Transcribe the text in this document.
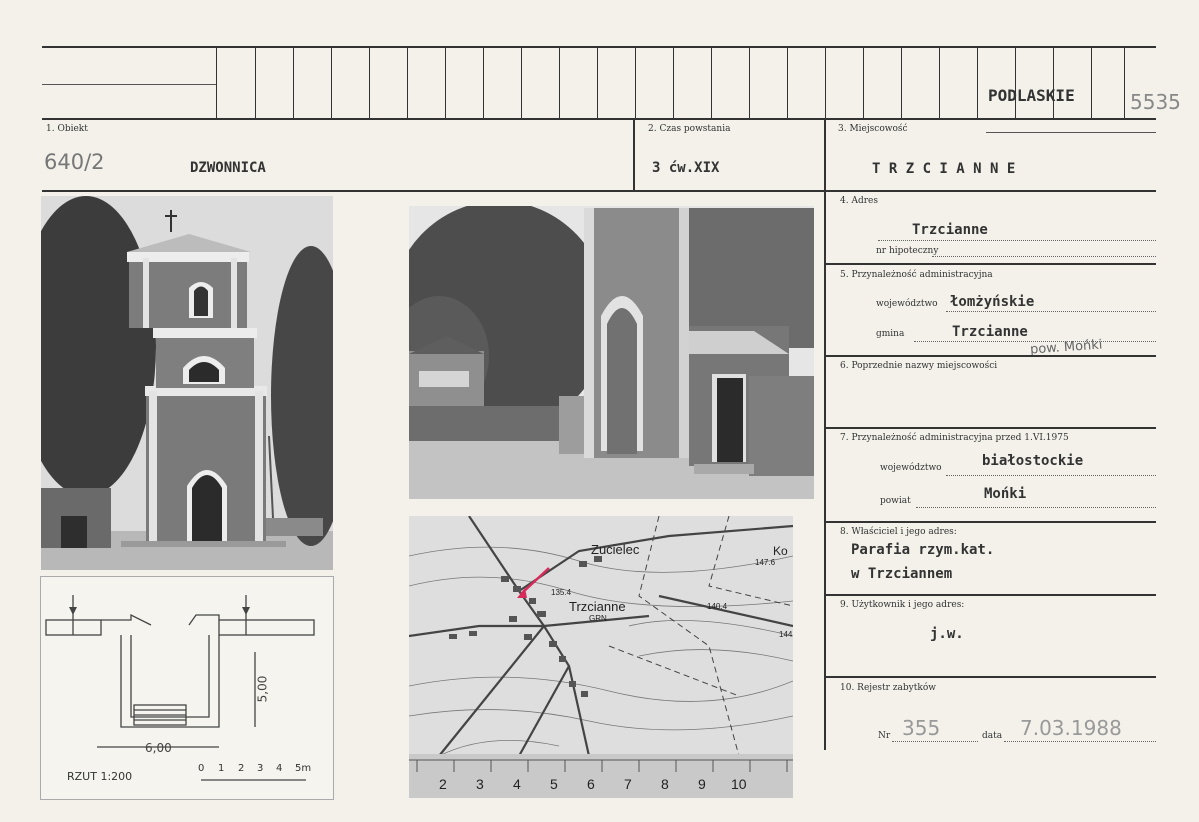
PODLASKIE	5535
1. Obiekt
640/2	DZWONNICA
2. Czas powstania
3 ćw.XIX
3. Miejscowość
T R Z C I A N N E
6,00
5,00
RZUT 1:200
0 1 2 3 4 5m
Zucielec	Ko
Trzcianne
GRN
135.4
140.4
147.6
144
2 3 4 5 6 7 8 9 10
4. Adres
Trzcianne
nr hipoteczny
5. Przynależność administracyjna
województwo łomżyńskie
gmina	Trzcianne
pow. Mońki
6. Poprzednie nazwy miejscowości
7. Przynależność administracyjna przed 1.VI.1975
województwo	białostockie
powiat	Mońki
8. Właściciel i jego adres:
Parafia rzym.kat.
w Trzciannem
9. Użytkownik i jego adres:
j.w.
10. Rejestr zabytków
Nr 355	data 7.03.1988
